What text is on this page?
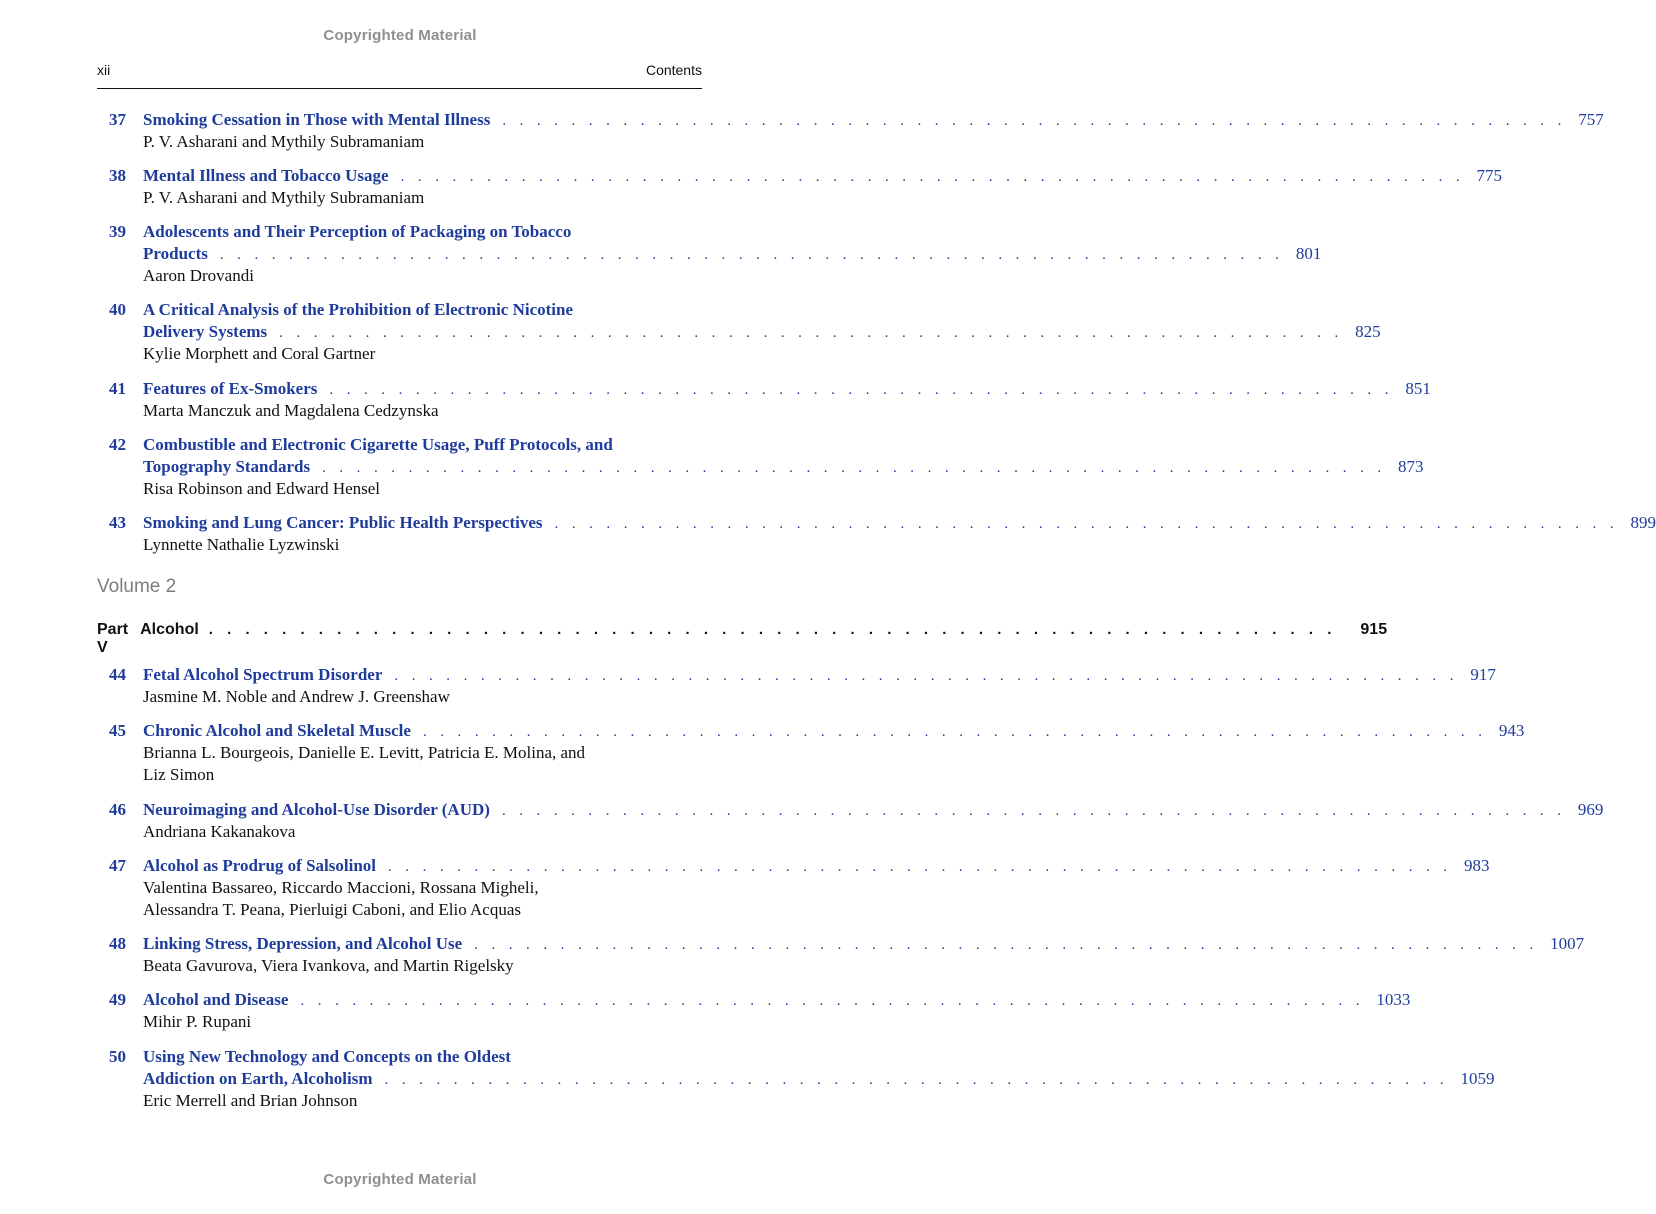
Copyrighted Material
xii	Contents
37 Smoking Cessation in Those with Mental Illness . . . . . . . . . . . . . . . . . . . . . . . . . . . . . . . . . . . . . . . . . . . . . . . . . . . . . . . . . . . . . . 757
P. V. Asharani and Mythily Subramaniam
38 Mental Illness and Tobacco Usage . . . . . . . . . . . . . . . . . . . . . . . . . . . . . . . . . . . . . . . . . . . . . . . . . . . . . . . . . . . . . . 775
P. V. Asharani and Mythily Subramaniam
39 Adolescents and Their Perception of Packaging on Tobacco
Products . . . . . . . . . . . . . . . . . . . . . . . . . . . . . . . . . . . . . . . . . . . . . . . . . . . . . . . . . . . . . . 801
Aaron Drovandi
40 A Critical Analysis of the Prohibition of Electronic Nicotine
Delivery Systems . . . . . . . . . . . . . . . . . . . . . . . . . . . . . . . . . . . . . . . . . . . . . . . . . . . . . . . . . . . . . . 825
Kylie Morphett and Coral Gartner
41 Features of Ex-Smokers . . . . . . . . . . . . . . . . . . . . . . . . . . . . . . . . . . . . . . . . . . . . . . . . . . . . . . . . . . . . . . 851
Marta Manczuk and Magdalena Cedzynska
42 Combustible and Electronic Cigarette Usage, Puff Protocols, and
Topography Standards . . . . . . . . . . . . . . . . . . . . . . . . . . . . . . . . . . . . . . . . . . . . . . . . . . . . . . . . . . . . . . 873
Risa Robinson and Edward Hensel
43 Smoking and Lung Cancer: Public Health Perspectives . . . . . . . . . . . . . . . . . . . . . . . . . . . . . . . . . . . . . . . . . . . . . . . . . . . . . . . . . . . . . . 899
Lynnette Nathalie Lyzwinski
Volume 2
Part V
Alcohol . . . . . . . . . . . . . . . . . . . . . . . . . . . . . . . . . . . . . . . . . . . . . . . . . . . . . . . . . . . . . . 915
44 Fetal Alcohol Spectrum Disorder . . . . . . . . . . . . . . . . . . . . . . . . . . . . . . . . . . . . . . . . . . . . . . . . . . . . . . . . . . . . . . 917
Jasmine M. Noble and Andrew J. Greenshaw
45 Chronic Alcohol and Skeletal Muscle . . . . . . . . . . . . . . . . . . . . . . . . . . . . . . . . . . . . . . . . . . . . . . . . . . . . . . . . . . . . . . 943
Brianna L. Bourgeois, Danielle E. Levitt, Patricia E. Molina, and
Liz Simon
46 Neuroimaging and Alcohol-Use Disorder (AUD) . . . . . . . . . . . . . . . . . . . . . . . . . . . . . . . . . . . . . . . . . . . . . . . . . . . . . . . . . . . . . . 969
Andriana Kakanakova
47 Alcohol as Prodrug of Salsolinol . . . . . . . . . . . . . . . . . . . . . . . . . . . . . . . . . . . . . . . . . . . . . . . . . . . . . . . . . . . . . . 983
Valentina Bassareo, Riccardo Maccioni, Rossana Migheli,
Alessandra T. Peana, Pierluigi Caboni, and Elio Acquas
48 Linking Stress, Depression, and Alcohol Use . . . . . . . . . . . . . . . . . . . . . . . . . . . . . . . . . . . . . . . . . . . . . . . . . . . . . . . . . . . . . . 1007
Beata Gavurova, Viera Ivankova, and Martin Rigelsky
49 Alcohol and Disease . . . . . . . . . . . . . . . . . . . . . . . . . . . . . . . . . . . . . . . . . . . . . . . . . . . . . . . . . . . . . . 1033
Mihir P. Rupani
50 Using New Technology and Concepts on the Oldest
Addiction on Earth, Alcoholism . . . . . . . . . . . . . . . . . . . . . . . . . . . . . . . . . . . . . . . . . . . . . . . . . . . . . . . . . . . . . . 1059
Eric Merrell and Brian Johnson
Copyrighted Material
